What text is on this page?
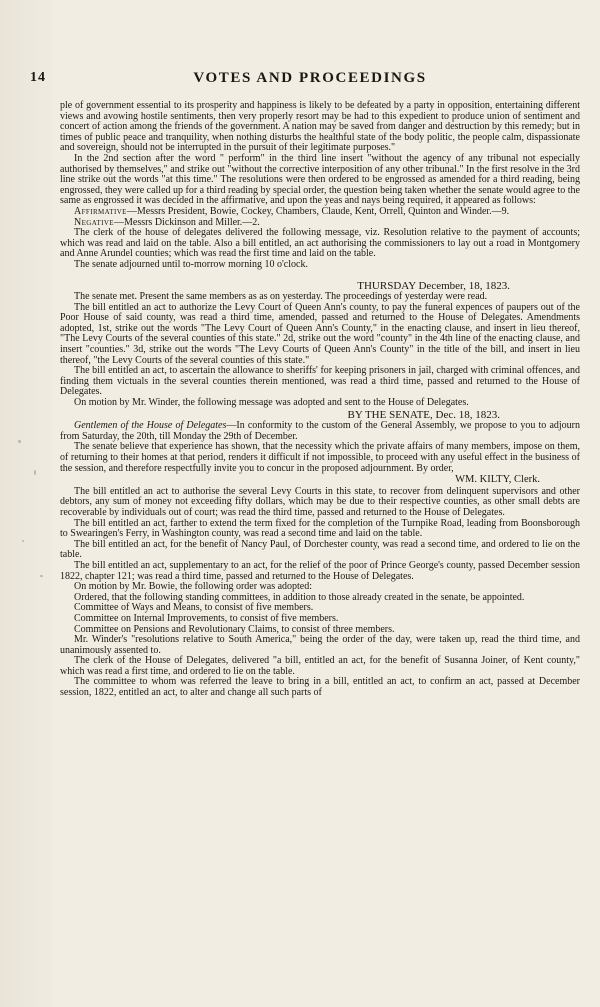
14	VOTES AND PROCEEDINGS

ple of government essential to its prosperity and happiness is likely to be defeated by a party in opposition, entertaining different views and avowing hostile sentiments, then very properly resort may be had to this expedient to produce union of sentiment and concert of action among the friends of the government. A nation may be saved from danger and destruction by this remedy; but in times of public peace and tranquility, when nothing disturbs the healthful state of the body politic, the people calm, dispassionate and sovereign, should not be interrupted in the pursuit of their legitimate purposes."

In the 2nd section after the word " perform" in the third line insert "without the agency of any tribunal not especially authorised by themselves," and strike out "without the corrective interposition of any other tribunal." In the first resolve in the 3rd line strike out the words "at this time." The resolutions were then ordered to be engrossed as amended for a third reading, being engrossed, they were called up for a third reading by special order, the question being taken whether the senate would agree to the same as engrossed it was decided in the affirmative, and upon the yeas and nays being required, it appeared as follows:

Affirmative—Messrs President, Bowie, Cockey, Chambers, Claude, Kent, Orrell, Quinton and Winder.—9.

Negative—Messrs Dickinson and Miller.—2.

The clerk of the house of delegates delivered the following message, viz. Resolution relative to the payment of accounts; which was read and laid on the table. Also a bill entitled, an act authorising the commissioners to lay out a road in Montgomery and Anne Arundel counties; which was read the first time and laid on the table.

The senate adjourned until to-morrow morning 10 o'clock.

THURSDAY December, 18, 1823.

The senate met. Present the same members as as on yesterday. The proceedings of yesterday were read.

The bill entitled an act to authorize the Levy Court of Queen Ann's county, to pay the funeral expences of paupers out of the Poor House of said county, was read a third time, amended, passed and returned to the House of Delegates. Amendments adopted, 1st, strike out the words "The Levy Court of Queen Ann's County," in the enacting clause, and insert in lieu thereof, "The Levy Courts of the several counties of this state." 2d, strike out the word "county" in the 4th line of the enacting clause, and insert "counties." 3d, strike out the words "The Levy Courts of Queen Ann's County" in the title of the bill, and insert in lieu thereof, "the Levy Courts of the several counties of this state."

The bill entitled an act, to ascertain the allowance to sheriffs' for keeping prisoners in jail, charged with criminal offences, and finding them victuals in the several counties therein mentioned, was read a third time, passed and returned to the House of Delegates.

On motion by Mr. Winder, the following message was adopted and sent to the House of Delegates.

BY THE SENATE, Dec. 18, 1823.

Gentlemen of the House of Delegates—In conformity to the custom of the General Assembly, we propose to you to adjourn from Saturday, the 20th, till Monday the 29th of December.

The senate believe that experience has shown, that the necessity which the private affairs of many members, impose on them, of returning to their homes at that period, renders it difficult if not impossible, to proceed with any useful effect in the business of the session, and therefore respectfully invite you to concur in the proposed adjournment. By order,

WM. KILTY, Clerk.

The bill entitled an act to authorise the several Levy Courts in this state, to recover from delinquent supervisors and other debtors, any sum of money not exceeding fifty dollars, which may be due to their respective counties, as other small debts are recoverable by individuals out of court; was read the third time, passed and returned to the House of Delegates.

The bill entitled an act, farther to extend the term fixed for the completion of the Turnpike Road, leading from Boonsborough to Swearingen's Ferry, in Washington county, was read a second time and laid on the table.

The bill entitled an act, for the benefit of Nancy Paul, of Dorchester county, was read a second time, and ordered to lie on the table.

The bill entitled an act, supplementary to an act, for the relief of the poor of Prince George's county, passed December session 1822, chapter 121; was read a third time, passed and returned to the House of Delegates.

On motion by Mr. Bowie, the following order was adopted:

Ordered, that the following standing committees, in addition to those already created in the senate, be appointed.

Committee of Ways and Means, to consist of five members.

Committee on Internal Improvements, to consist of five members.

Committee on Pensions and Revolutionary Claims, to consist of three members.

Mr. Winder's "resolutions relative to South America," being the order of the day, were taken up, read the third time, and unanimously assented to.

The clerk of the House of Delegates, delivered "a bill, entitled an act, for the benefit of Susanna Joiner, of Kent county," which was read a first time, and ordered to lie on the table.

The committee to whom was referred the leave to bring in a bill, entitled an act, to confirm an act, passed at December session, 1822, entitled an act, to alter and change all such parts of
